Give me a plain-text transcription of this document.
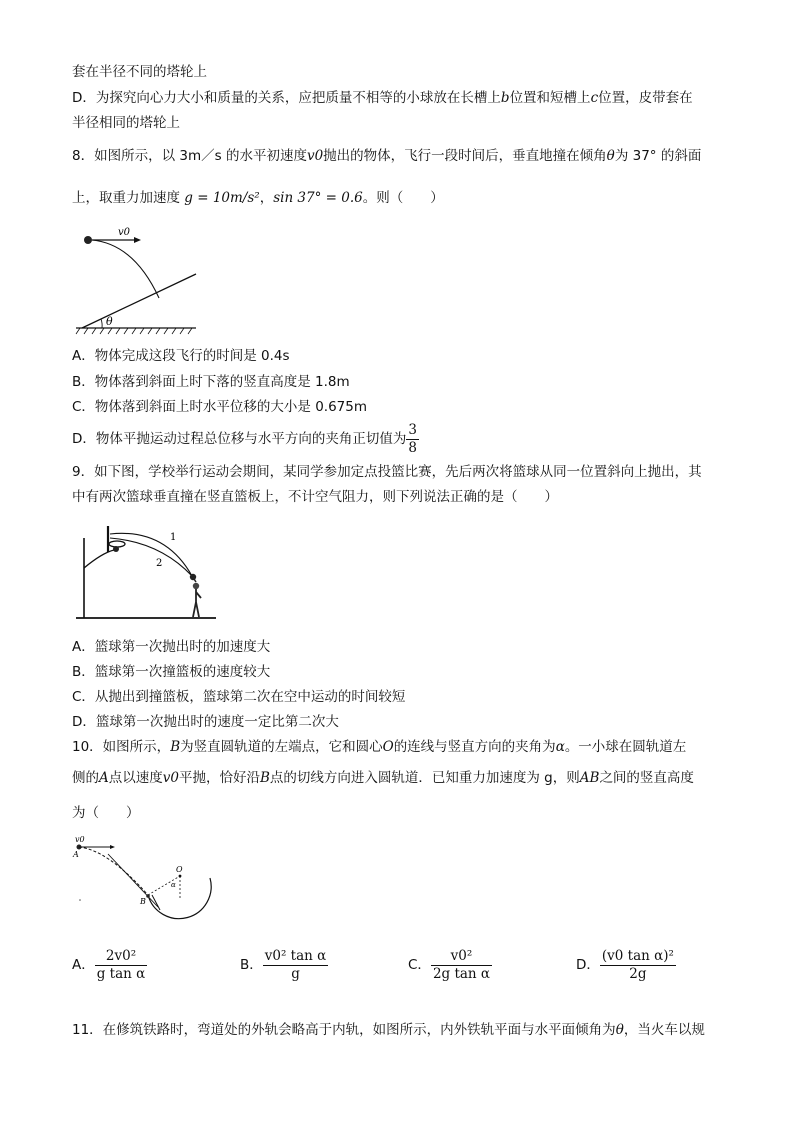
套在半径不同的塔轮上
D．为探究向心力大小和质量的关系，应把质量不相等的小球放在长槽上b位置和短槽上c位置，皮带套在
半径相同的塔轮上
8．如图所示，以 3m／s 的水平初速度v0抛出的物体，飞行一段时间后，垂直地撞在倾角θ为 37° 的斜面
上，取重力加速度 g = 10m/s²，sin 37° = 0.6。则（　　）
v0
θ
A．物体完成这段飞行的时间是 0.4s
B．物体落到斜面上时下落的竖直高度是 1.8m
C．物体落到斜面上时水平位移的大小是 0.675m
D．物体平抛运动过程总位移与水平方向的夹角正切值为 $\frac{3}{8}$
9．如下图，学校举行运动会期间，某同学参加定点投篮比赛，先后两次将篮球从同一位置斜向上抛出，其
中有两次篮球垂直撞在竖直篮板上，不计空气阻力，则下列说法正确的是（　　）
1
2
A．篮球第一次抛出时的加速度大
B．篮球第一次撞篮板的速度较大
C．从抛出到撞篮板，篮球第二次在空中运动的时间较短
D．篮球第一次抛出时的速度一定比第二次大
10．如图所示，B为竖直圆轨道的左端点，它和圆心O的连线与竖直方向的夹角为α。一小球在圆轨道左
侧的A点以速度v0平抛，恰好沿B点的切线方向进入圆轨道．已知重力加速度为 g，则AB之间的竖直高度
为（　　）
v0
A
O
α
B
A． $\frac{\text{2v0²}}{\text{g tan α}}$	B． $\frac{\text{v0² tan α}}{g}$	C． $\frac{\text{v0²}}{\text{2g tan α}}$	D． $\frac{\text{(v0 tan α)²}}{2g}$
11．在修筑铁路时，弯道处的外轨会略高于内轨，如图所示，内外铁轨平面与水平面倾角为θ，当火车以规
